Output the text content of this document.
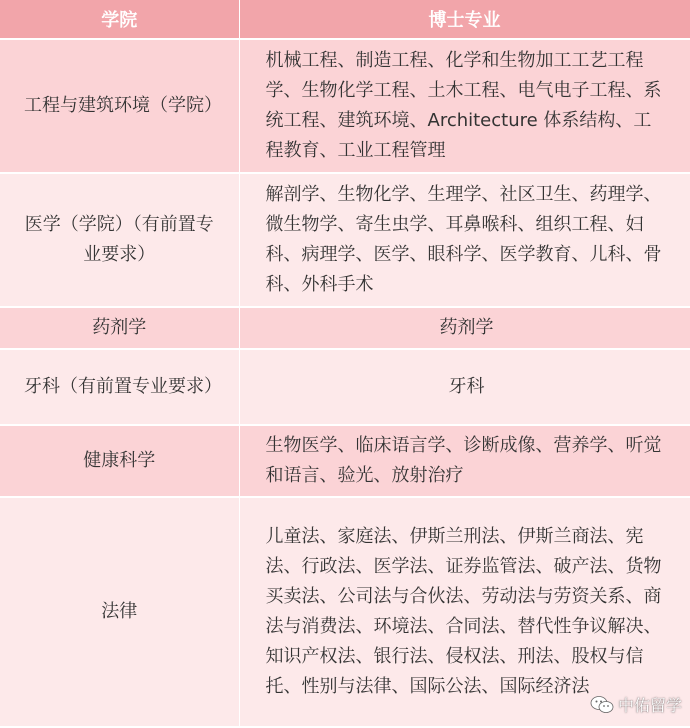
学院	博士专业
工程与建筑环境（学院）	机械工程、制造工程、化学和生物加工工艺工程学、生物化学工程、土木工程、电气电子工程、系统工程、建筑环境、Architecture 体系结构、工程教育、工业工程管理
医学（学院）（有前置专业要求）	解剖学、生物化学、生理学、社区卫生、药理学、微生物学、寄生虫学、耳鼻喉科、组织工程、妇科、病理学、医学、眼科学、医学教育、儿科、骨科、外科手术
药剂学	药剂学
牙科（有前置专业要求）	牙科
健康科学	生物医学、临床语言学、诊断成像、营养学、听觉和语言、验光、放射治疗
法律	儿童法、家庭法、伊斯兰刑法、伊斯兰商法、宪法、行政法、医学法、证券监管法、破产法、货物买卖法、公司法与合伙法、劳动法与劳资关系、商法与消费法、环境法、合同法、替代性争议解决、知识产权法、银行法、侵权法、刑法、股权与信托、性别与法律、国际公法、国际经济法
中佑留学
